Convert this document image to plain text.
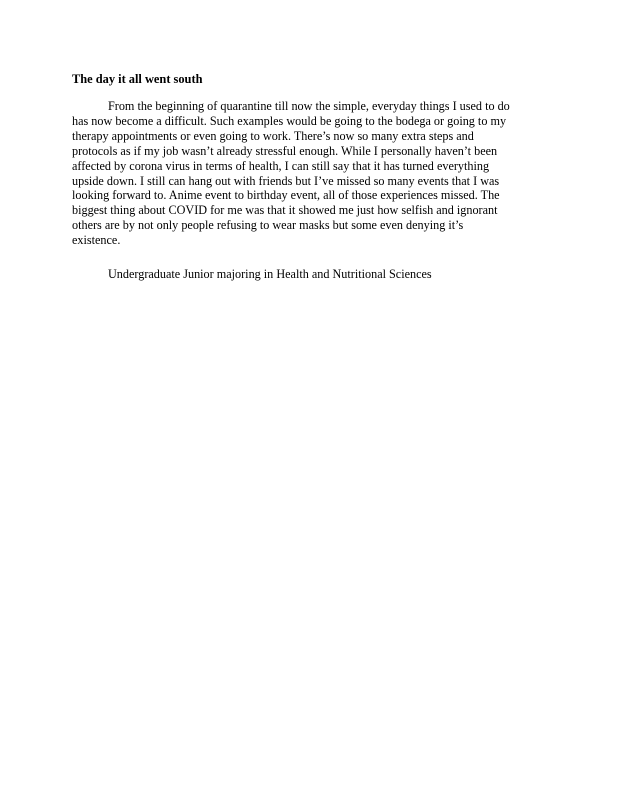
The day it all went south

From the beginning of quarantine till now the simple, everyday things I used to do
has now become a difficult. Such examples would be going to the bodega or going to my
therapy appointments or even going to work. There’s now so many extra steps and
protocols as if my job wasn’t already stressful enough. While I personally haven’t been
affected by corona virus in terms of health, I can still say that it has turned everything
upside down. I still can hang out with friends but I’ve missed so many events that I was
looking forward to. Anime event to birthday event, all of those experiences missed. The
biggest thing about COVID for me was that it showed me just how selfish and ignorant
others are by not only people refusing to wear masks but some even denying it’s
existence.

Undergraduate Junior majoring in Health and Nutritional Sciences
